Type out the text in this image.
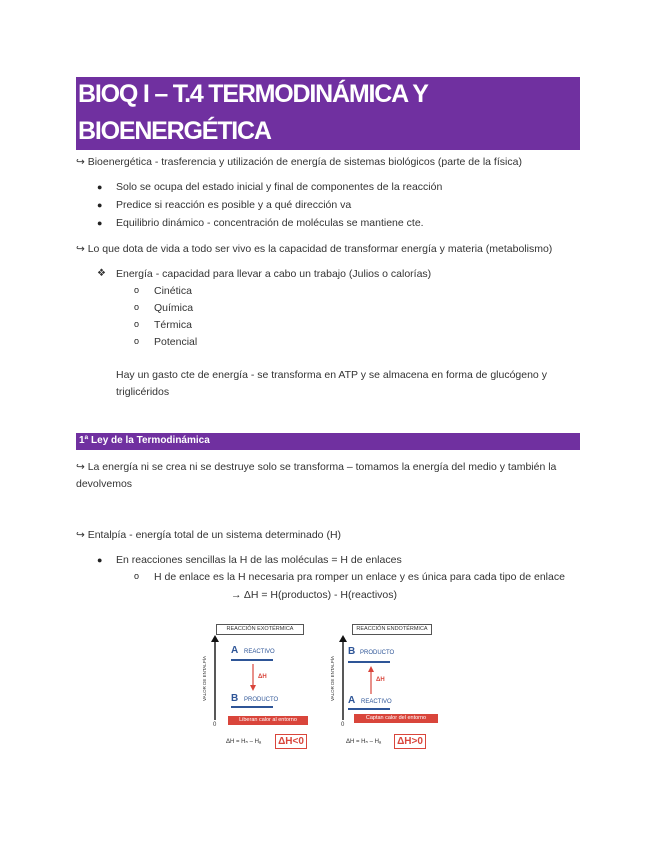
BIOQ I – T.4 TERMODINÁMICA Y
BIOENERGÉTICA
↪ Bioenergética - trasferencia y utilización de energía de sistemas biológicos (parte de la física)
● Solo se ocupa del estado inicial y final de componentes de la reacción
● Predice si reacción es posible y a qué dirección va
● Equilibrio dinámico - concentración de moléculas se mantiene cte.
↪ Lo que dota de vida a todo ser vivo es la capacidad de transformar energía y materia (metabolismo)
❖ Energía - capacidad para llevar a cabo un trabajo (Julios o calorías)
o Cinética
o Química
o Térmica
o Potencial
Hay un gasto cte de energía - se transforma en ATP y se almacena en forma de glucógeno y
triglicéridos
1ª Ley de la Termodinámica
↪ La energía ni se crea ni se destruye solo se transforma – tomamos la energía del medio y también la
devolvemos
↪ Entalpía - energía total de un sistema determinado (H)
● En reacciones sencillas la H de las moléculas = H de enlaces
o H de enlace es la H necesaria pra romper un enlace y es única para cada tipo de enlace
→ ΔH = H(productos) - H(reactivos)
REACCIÓN EXOTÉRMICA
VALOR DE ENTALPÍA
0
A REACTIVO
ΔH
B PRODUCTO
Liberan calor al entorno
ΔH = Hₙ – Hₐ	ΔH<0
REACCIÓN ENDOTÉRMICA
VALOR DE ENTALPÍA
0
B PRODUCTO
ΔH
A REACTIVO
Captan calor del entorno
ΔH = Hₙ – Hₐ	ΔH>0
